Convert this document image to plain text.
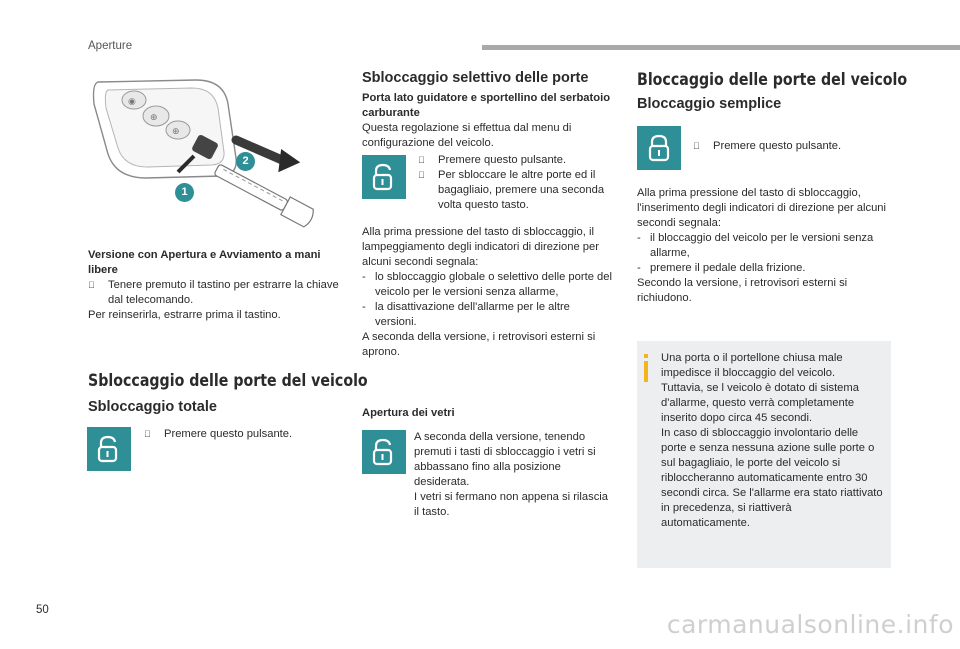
Aperture
◉
⊕
⊕
1
2

Versione con Apertura e Avviamento a mani libere

Tenere premuto il tastino per estrarre la chiave dal telecomando.

Per reinserirla, estrarre prima il tastino.

Sbloccaggio delle porte del veicolo
Sbloccaggio totale
Premere questo pulsante.
Sbloccaggio selettivo delle porte

Porta lato guidatore e sportellino del serbatoio carburante

Questa regolazione si effettua dal menu di configurazione del veicolo.

Premere questo pulsante.

Per sbloccare le altre porte ed il bagagliaio, premere una seconda volta questo tasto.

Alla prima pressione del tasto di sbloccaggio, il lampeggiamento degli indicatori di direzione per alcuni secondi segnala:

- lo sbloccaggio globale o selettivo delle porte del veicolo per le versioni senza allarme,

- la disattivazione dell'allarme per le altre versioni.

A seconda della versione, i retrovisori esterni si aprono.

Apertura dei vetri

A seconda della versione, tenendo premuti i tasti di sbloccaggio i vetri si abbassano fino alla posizione desiderata.

I vetri si fermano non appena si rilascia il tasto.

Bloccaggio delle porte del veicolo
Bloccaggio semplice
Premere questo pulsante.

Alla prima pressione del tasto di sbloccaggio, l'inserimento degli indicatori di direzione per alcuni secondi segnala:

- il bloccaggio del veicolo per le versioni senza allarme,

- premere il pedale della frizione.

Secondo la versione, i retrovisori esterni si richiudono.

Una porta o il portellone chiusa male impedisce il bloccaggio del veicolo.

Tuttavia, se l veicolo è dotato di sistema d'allarme, questo verrà completamente inserito dopo circa 45 secondi.

In caso di sbloccaggio involontario delle porte e senza nessuna azione sulle porte o sul bagagliaio, le porte del veicolo si ribloccheranno automaticamente entro 30 secondi circa. Se l'allarme era stato riattivato in precedenza, si riattiverà automaticamente.

50	carmanualsonline.info
